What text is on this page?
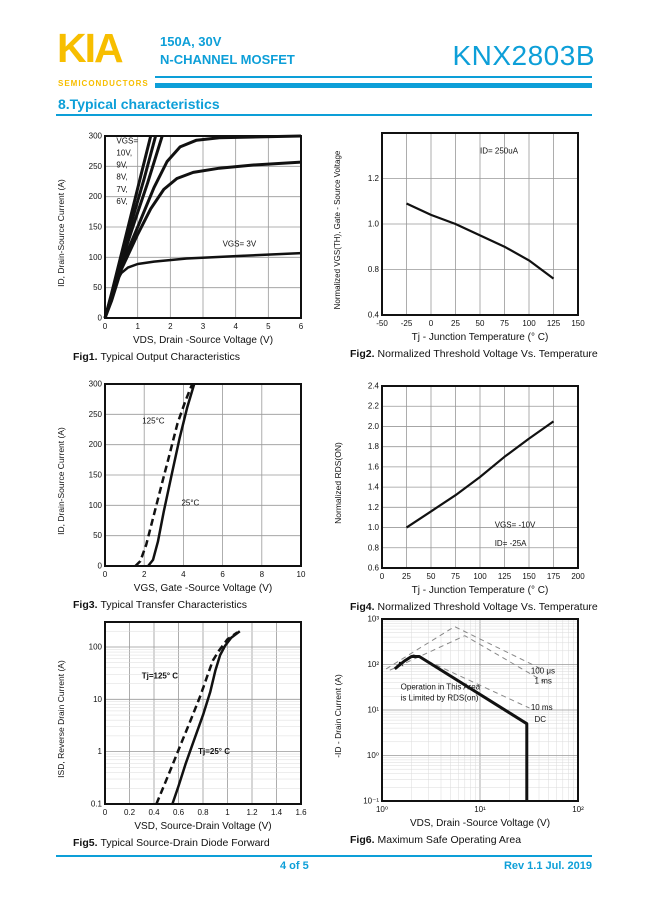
KIA
SEMICONDUCTORS
150A, 30V
N-CHANNEL MOSFET	KNX2803B
8.Typical characteristics
ID, Drain-Source Current (A)
VDS, Drain -Source Voltage (V)
Fig1. Typical Output Characteristics
0	1	2	3	4	5	6
0
50
100
150
200
250
300
VGS=
10V,
9V,
8V,
7V,
6V,
VGS= 3V	Normalized VGS(TH), Gate - Source Voltage
Tj - Junction Temperature (° C)
Fig2. Normalized Threshold Voltage Vs. Temperature
-50 -25 0 25 50 75 100 125 150
0.4
0.8
1.0
1.2
ID= 250uA
ID, Drain-Source Current (A)
VGS, Gate -Source Voltage (V)
Fig3. Typical Transfer Characteristics
0	2	4	6	8	10
0
50
100
150
200
250
300
125°C
25°C	Normalized RDS(ON)
Tj - Junction Temperature (° C)
Fig4. Normalized Threshold Voltage Vs. Temperature
0 25 50 75 100 125 150 175 200
0.6
0.8
1.0
1.2
1.4
1.6
1.8
2.0
2.2
2.4
VGS= -10V
ID= -25A
ISD, Reverse Drain Current (A)
VSD, Source-Drain Voltage (V)
Fig5. Typical Source-Drain Diode Forward
0 0.2 0.4 0.6 0.8 1 1.2 1.4 1.6
0.1
1
10
100
Tj=125° C
Tj=25° C	-ID - Drain Current (A)
VDS, Drain -Source Voltage (V)
Fig6. Maximum Safe Operating Area
10⁰	10¹	10²
10⁻¹
10⁰
10¹
10²
10³
100 μs
1 ms
10 ms
DC
↖
Operation in This Area
is Limited by RDS(on)
4 of 5	Rev 1.1 Jul. 2019
